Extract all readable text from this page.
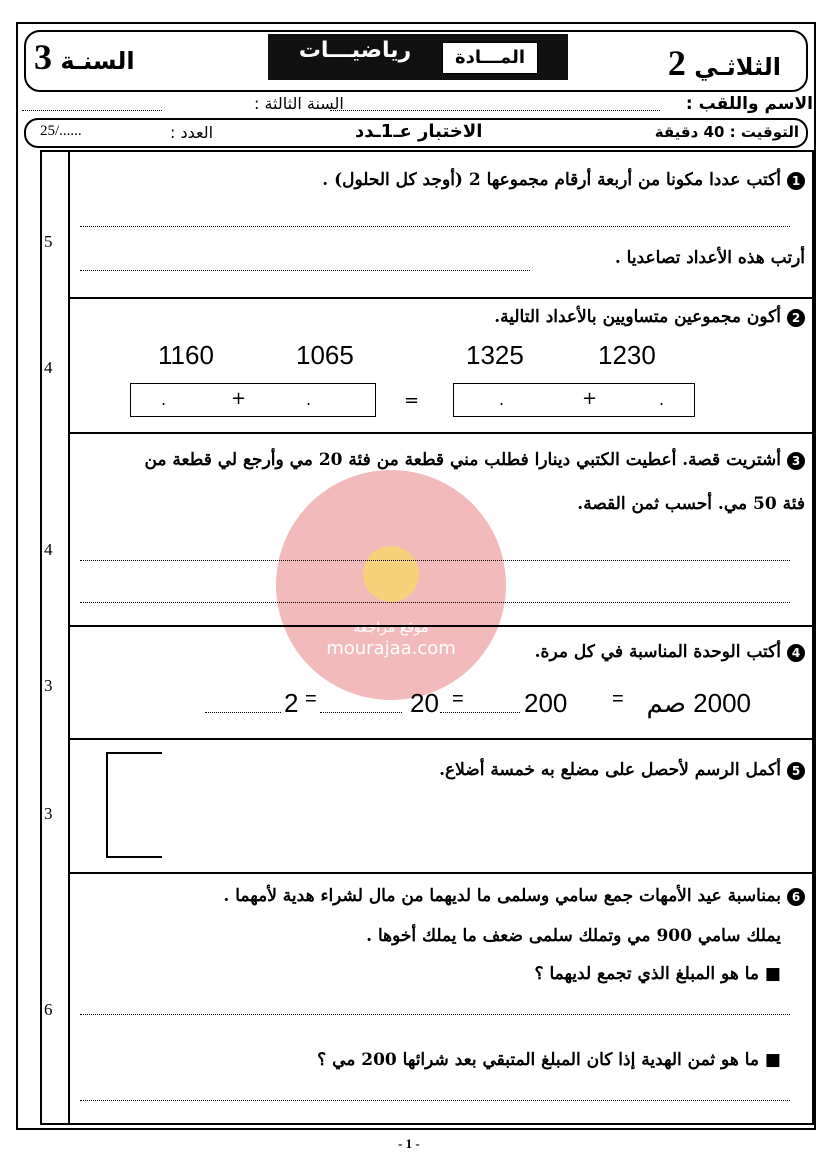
موقع مراجعة
mourajaa.com
الثلاثـي 2
رياضيـــات	المـــادة
السنـة 3
الاسم واللقب :
السنة الثالثة :
التوقيت : 40 دقيقة
الاختبار عـ1ـدد
العدد :
25/......
5
1أكتب عددا مكونا من أربعة أرقام مجموعها 2 (أوجد كل الحلول) .
أرتب هذه الأعداد تصاعديا .
4
2أكون مجموعين متساويين بالأعداد التالية.
1160	1065	1325	1230
.	+	.	=	.	+	.
4
3أشتريت قصة. أعطيت الكتبي دينارا فطلب مني قطعة من فئة 20 مي وأرجع لي قطعة من
فئة 50 مي. أحسب ثمن القصة.
3
4أكتب الوحدة المناسبة في كل مرة.
2000 صم
=
200
=
20
=
2
3
5أكمل الرسم لأحصل على مضلع به خمسة أضلاع.
6
6بمناسبة عيد الأمهات جمع سامي وسلمى ما لديهما من مال لشراء هدية لأمهما .
يملك سامي 900 مي وتملك سلمى ضعف ما يملك أخوها .
■ ما هو المبلغ الذي تجمع لديهما ؟
■ ما هو ثمن الهدية إذا كان المبلغ المتبقي بعد شرائها 200 مي ؟
- 1 -
